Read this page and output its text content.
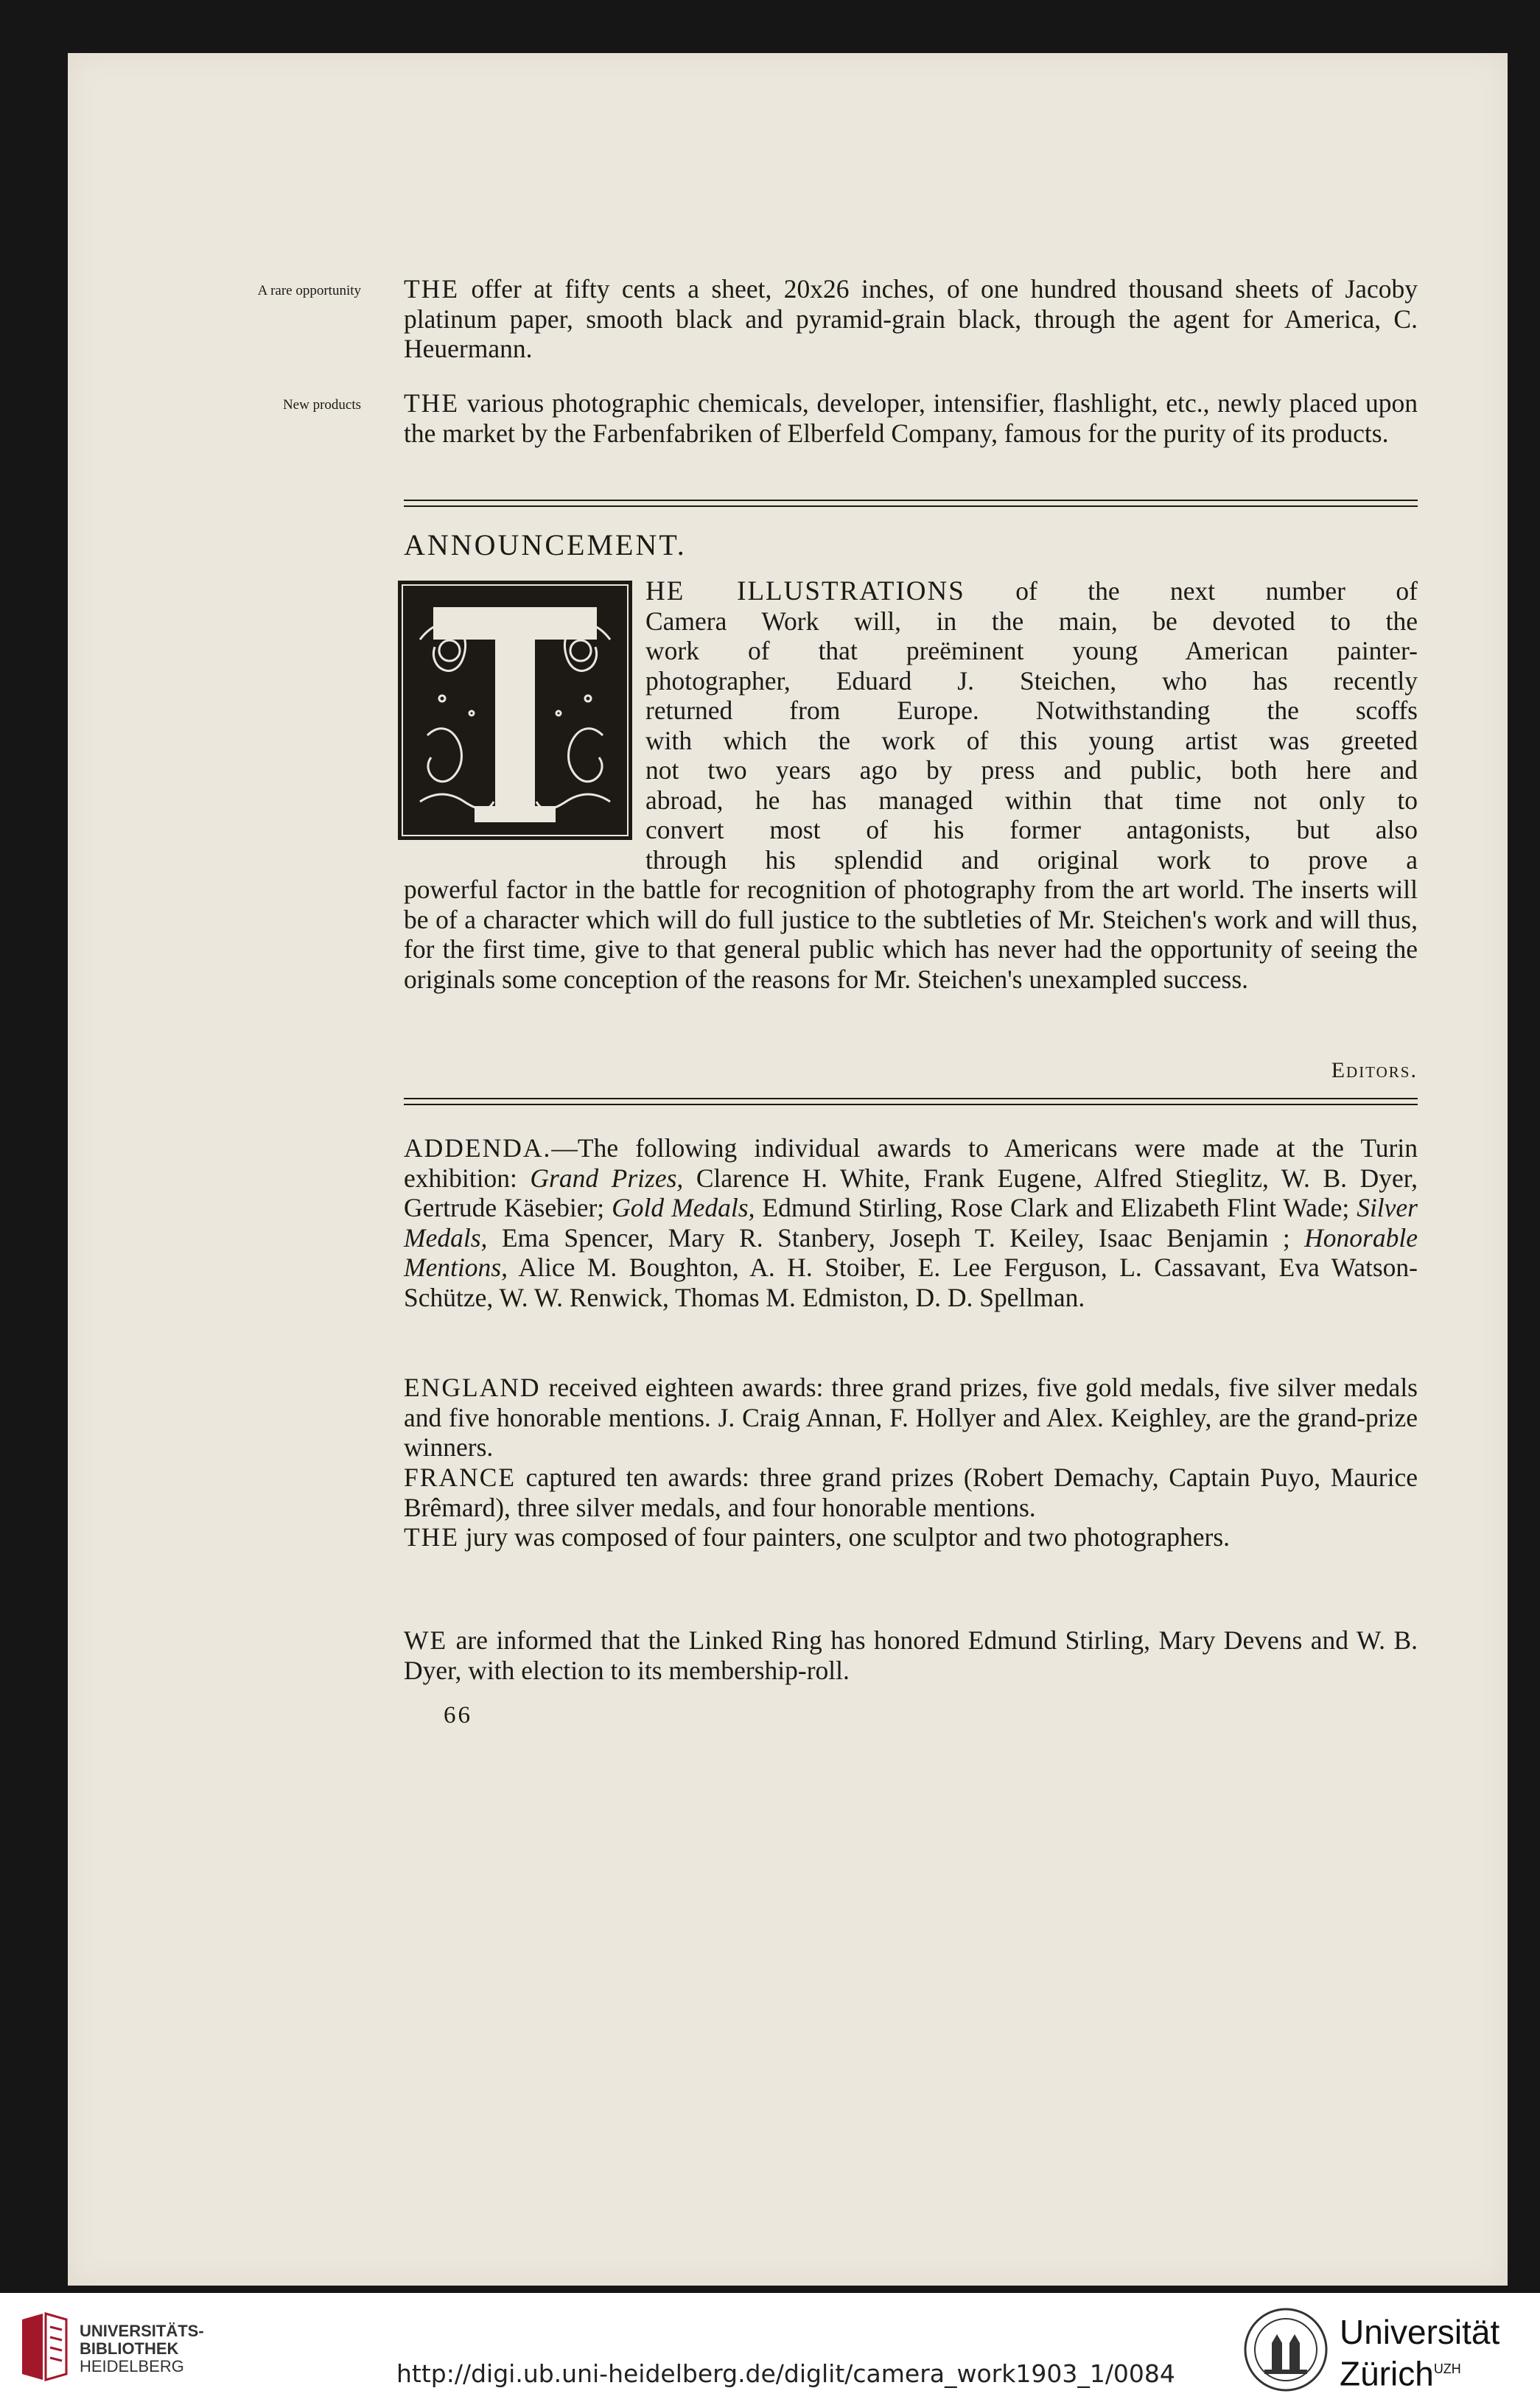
A rare opportunity THE offer at fifty cents a sheet, 20x26 inches, of one hundred thousand sheets of Jacoby platinum paper, smooth black and pyramid-grain black, through the agent for America, C. Heuermann.

New products THE various photographic chemicals, developer, intensifier, flashlight, etc., newly placed upon the market by the Farbenfabriken of Elberfeld Company, famous for the purity of its products.

ANNOUNCEMENT.
T

HE ILLUSTRATIONS of the next number of

Camera Work will, in the main, be devoted to the
work of that preëminent young American painter-
photographer, Eduard J. Steichen, who has recently
returned from Europe. Notwithstanding the scoffs
with which the work of this young artist was greeted
not two years ago by press and public, both here and
abroad, he has managed within that time not only to
convert most of his former antagonists, but also
through his splendid and original work to prove a

powerful factor in the battle for recognition of photography from the art world. The inserts will be of a character which will do full justice to the subtleties of Mr. Steichen's work and will thus, for the first time, give to that general public which has never had the opportunity of seeing the originals some conception of the reasons for Mr. Steichen's unexampled success.

Editors.

ADDENDA.—The following individual awards to Americans were made at the Turin exhibition: Grand Prizes, Clarence H. White, Frank Eugene, Alfred Stieglitz, W. B. Dyer, Gertrude Käsebier; Gold Medals, Edmund Stirling, Rose Clark and Elizabeth Flint Wade; Silver Medals, Ema Spencer, Mary R. Stanbery, Joseph T. Keiley, Isaac Benjamin ; Honorable Mentions, Alice M. Boughton, A. H. Stoiber, E. Lee Ferguson, L. Cassavant, Eva Watson-Schütze, W. W. Renwick, Thomas M. Edmiston, D. D. Spellman.

ENGLAND received eighteen awards: three grand prizes, five gold medals, five silver medals and five honorable mentions. J. Craig Annan, F. Hollyer and Alex. Keighley, are the grand-prize winners.

FRANCE captured ten awards: three grand prizes (Robert Demachy, Captain Puyo, Maurice Brêmard), three silver medals, and four honorable mentions.

THE jury was composed of four painters, one sculptor and two photographers.

WE are informed that the Linked Ring has honored Edmund Stirling, Mary Devens and W. B. Dyer, with election to its membership-roll.

66
UNIVERSITÄTS-
BIBLIOTHEK
HEIDELBERG	http://digi.ub.uni-heidelberg.de/diglit/camera_work1903_1/0084
Universität
Zürich$^{UZH}$
